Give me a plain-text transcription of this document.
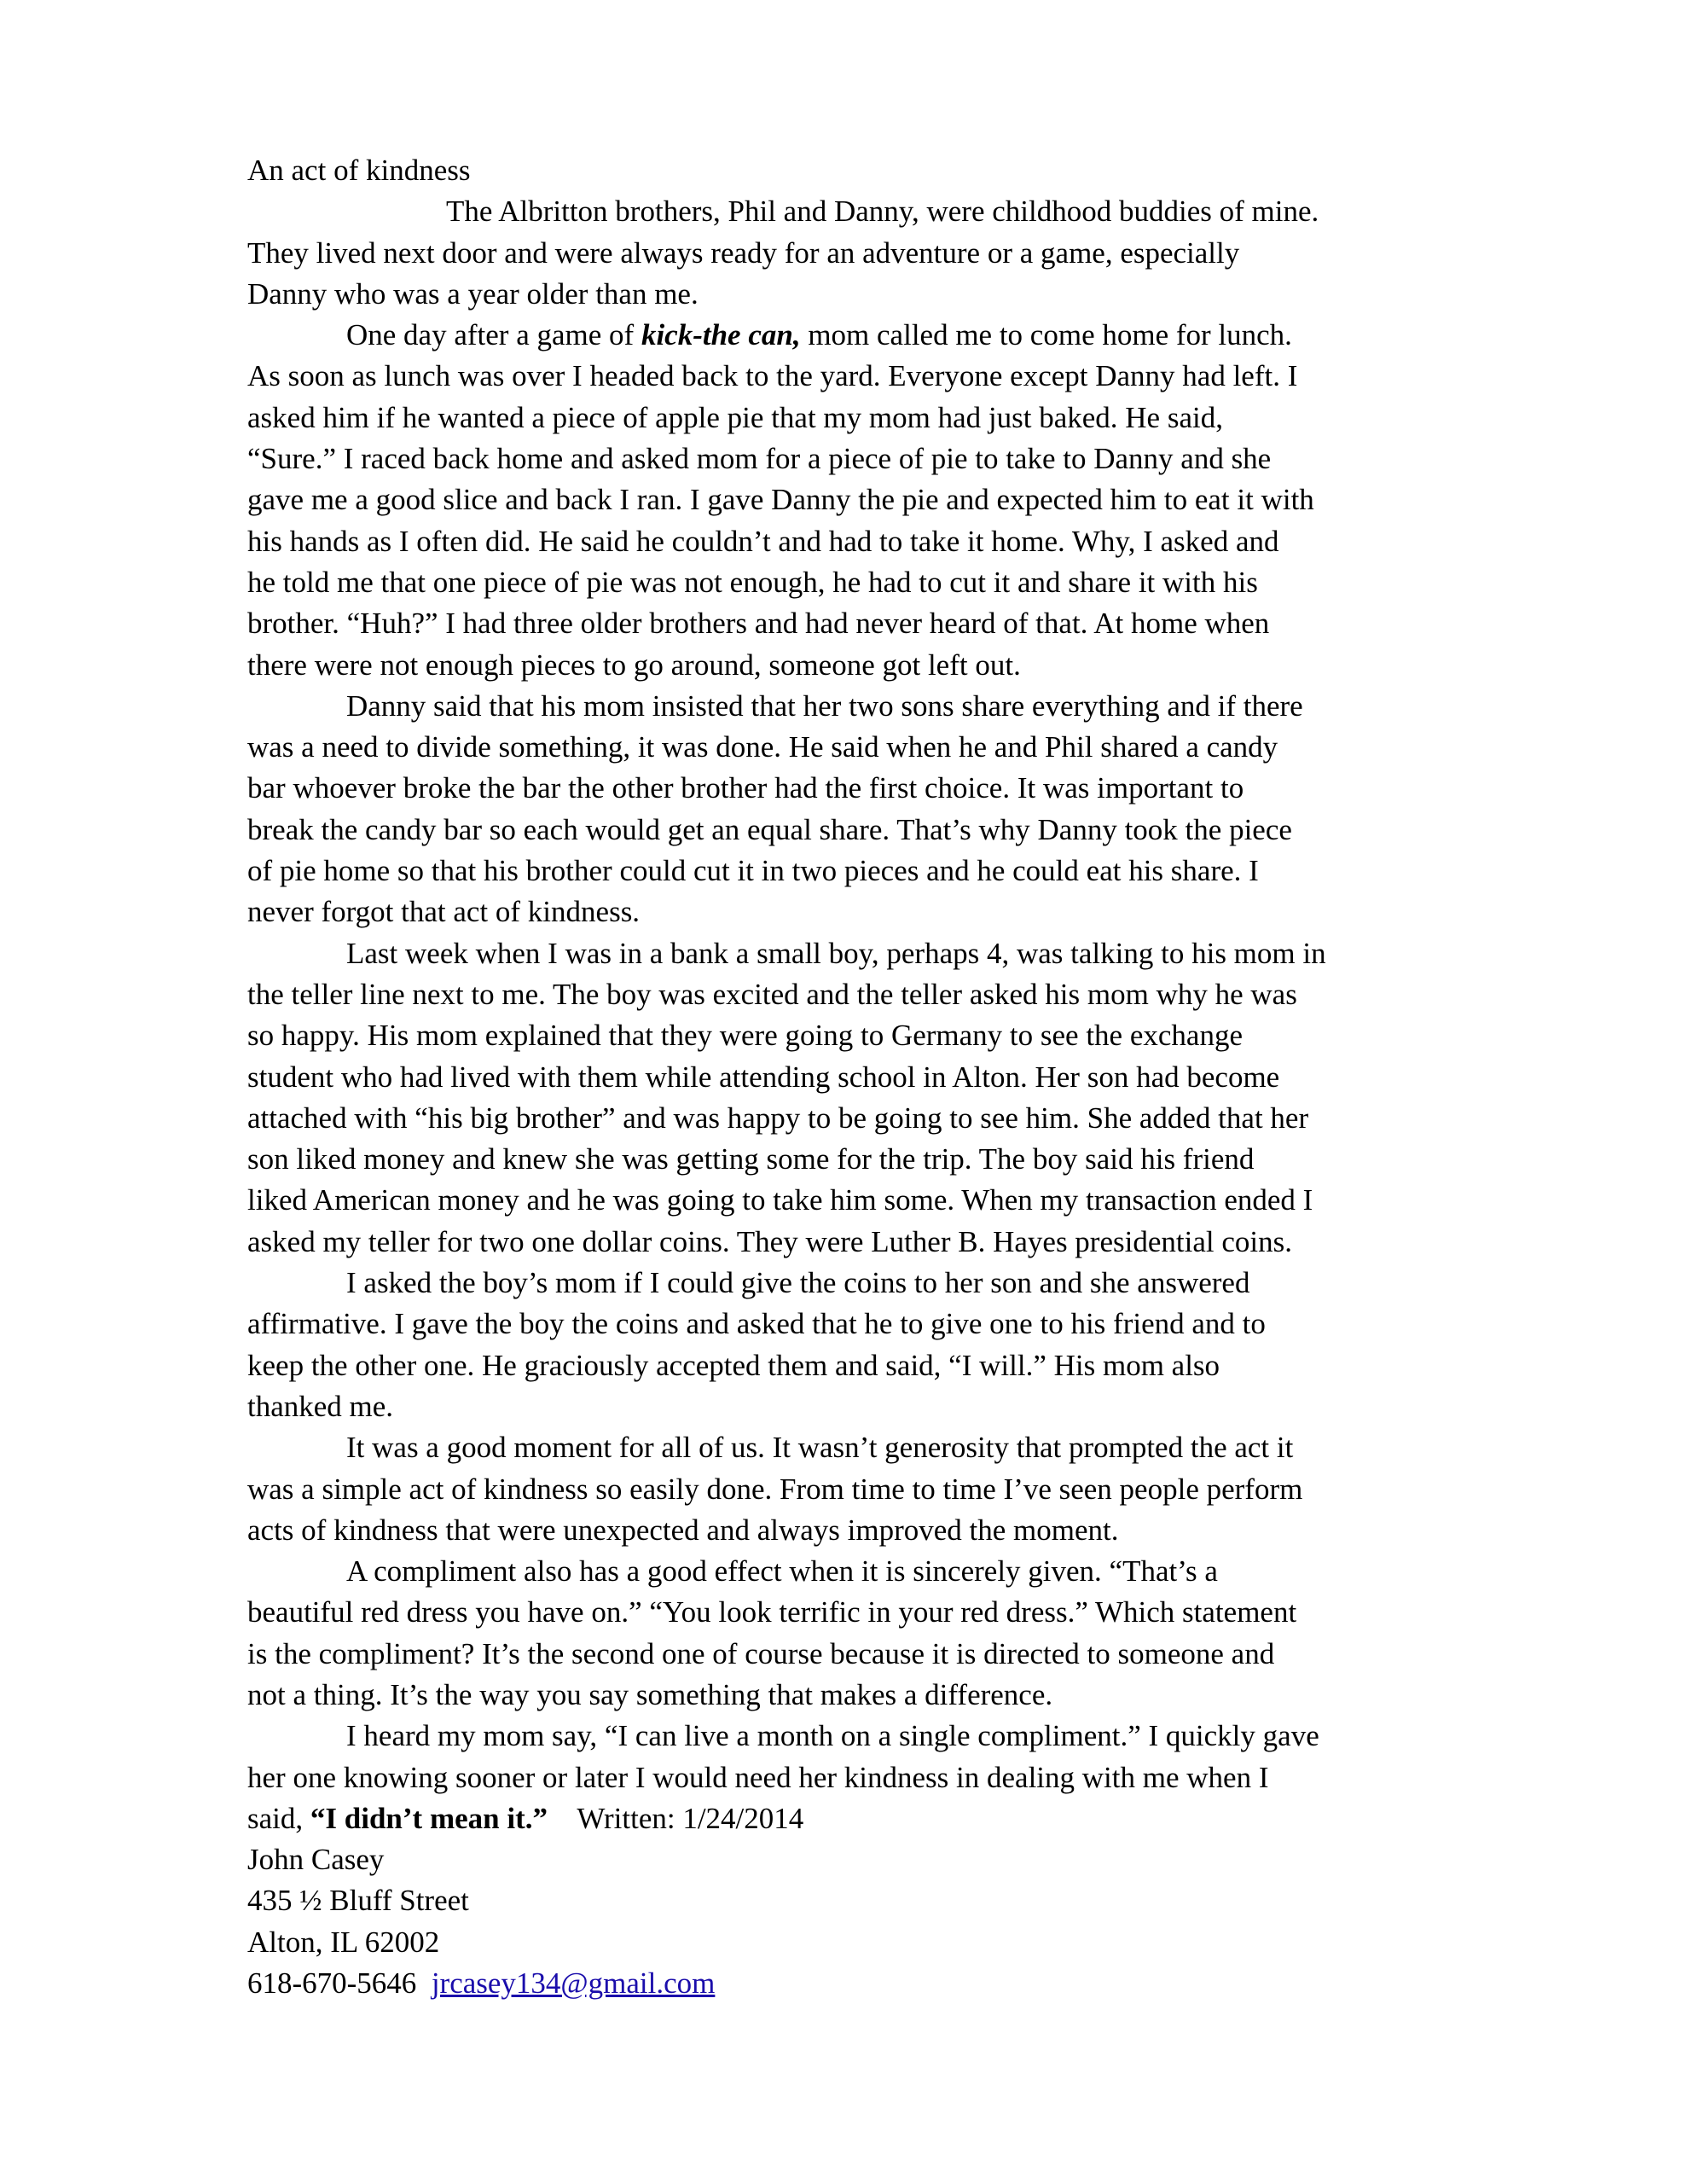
An act of kindness
The Albritton brothers, Phil and Danny, were childhood buddies of mine.
They lived next door and were always ready for an adventure or a game, especially
Danny who was a year older than me.
One day after a game of kick-the can, mom called me to come home for lunch.
As soon as lunch was over I headed back to the yard. Everyone except Danny had left. I
asked him if he wanted a piece of apple pie that my mom had just baked. He said,
“Sure.” I raced back home and asked mom for a piece of pie to take to Danny and she
gave me a good slice and back I ran. I gave Danny the pie and expected him to eat it with
his hands as I often did. He said he couldn’t and had to take it home. Why, I asked and
he told me that one piece of pie was not enough, he had to cut it and share it with his
brother. “Huh?” I had three older brothers and had never heard of that. At home when
there were not enough pieces to go around, someone got left out.
Danny said that his mom insisted that her two sons share everything and if there
was a need to divide something, it was done. He said when he and Phil shared a candy
bar whoever broke the bar the other brother had the first choice. It was important to
break the candy bar so each would get an equal share. That’s why Danny took the piece
of pie home so that his brother could cut it in two pieces and he could eat his share. I
never forgot that act of kindness.
Last week when I was in a bank a small boy, perhaps 4, was talking to his mom in
the teller line next to me. The boy was excited and the teller asked his mom why he was
so happy. His mom explained that they were going to Germany to see the exchange
student who had lived with them while attending school in Alton. Her son had become
attached with “his big brother” and was happy to be going to see him. She added that her
son liked money and knew she was getting some for the trip. The boy said his friend
liked American money and he was going to take him some. When my transaction ended I
asked my teller for two one dollar coins. They were Luther B. Hayes presidential coins.
I asked the boy’s mom if I could give the coins to her son and she answered
affirmative. I gave the boy the coins and asked that he to give one to his friend and to
keep the other one. He graciously accepted them and said, “I will.” His mom also
thanked me.
It was a good moment for all of us. It wasn’t generosity that prompted the act it
was a simple act of kindness so easily done. From time to time I’ve seen people perform
acts of kindness that were unexpected and always improved the moment.
A compliment also has a good effect when it is sincerely given. “That’s a
beautiful red dress you have on.” “You look terrific in your red dress.” Which statement
is the compliment? It’s the second one of course because it is directed to someone and
not a thing. It’s the way you say something that makes a difference.
I heard my mom say, “I can live a month on a single compliment.” I quickly gave
her one knowing sooner or later I would need her kindness in dealing with me when I
said, “I didn’t mean it.”    Written: 1/24/2014
John Casey
435 ½ Bluff Street
Alton, IL 62002
618-670-5646 jrcasey134@gmail.com
